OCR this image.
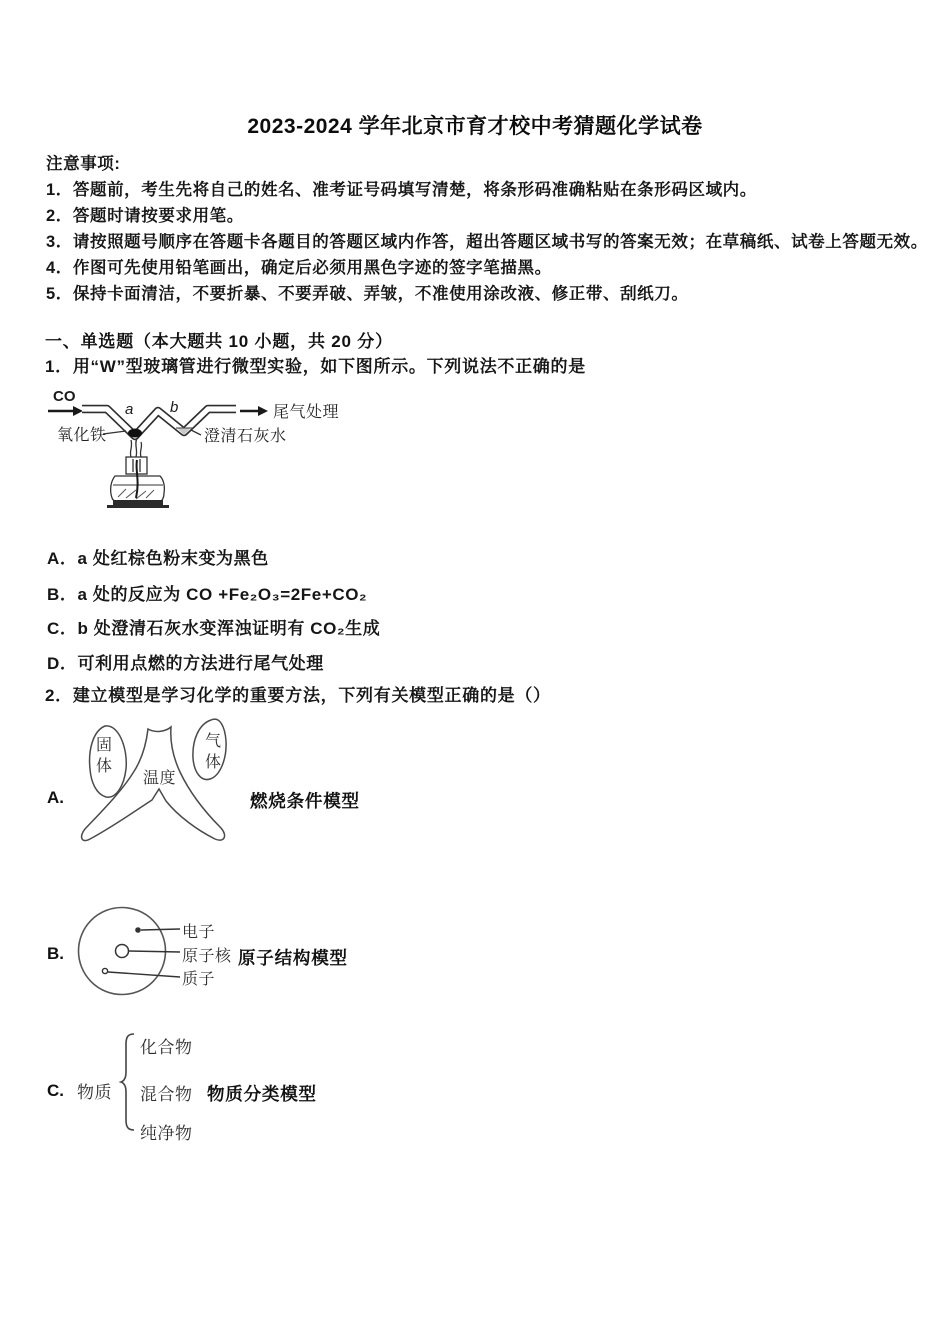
2023-2024 学年北京市育才校中考猜题化学试卷
注意事项:
1．答题前，考生先将自己的姓名、准考证号码填写清楚，将条形码准确粘贴在条形码区域内。
2．答题时请按要求用笔。
3．请按照题号顺序在答题卡各题目的答题区域内作答，超出答题区域书写的答案无效；在草稿纸、试卷上答题无效。
4．作图可先使用铅笔画出，确定后必须用黑色字迹的签字笔描黑。
5．保持卡面清洁，不要折暴、不要弄破、弄皱，不准使用涂改液、修正带、刮纸刀。
一、单选题（本大题共 10 小题，共 20 分）
1．用“W”型玻璃管进行微型实验，如下图所示。下列说法不正确的是
CO
a b	尾气处理
氧化铁	澄清石灰水
A．a 处红棕色粉末变为黑色
B．a 处的反应为 CO +Fe₂O₃=2Fe+CO₂
C．b 处澄清石灰水变浑浊证明有 CO₂生成
D．可利用点燃的方法进行尾气处理
2．建立模型是学习化学的重要方法，下列有关模型正确的是（）
固体
温度
气体
A.	燃烧条件模型
电子
原子核
质子
B.	原子结构模型
C. 物质
化合物
混合物
纯净物
物质分类模型
